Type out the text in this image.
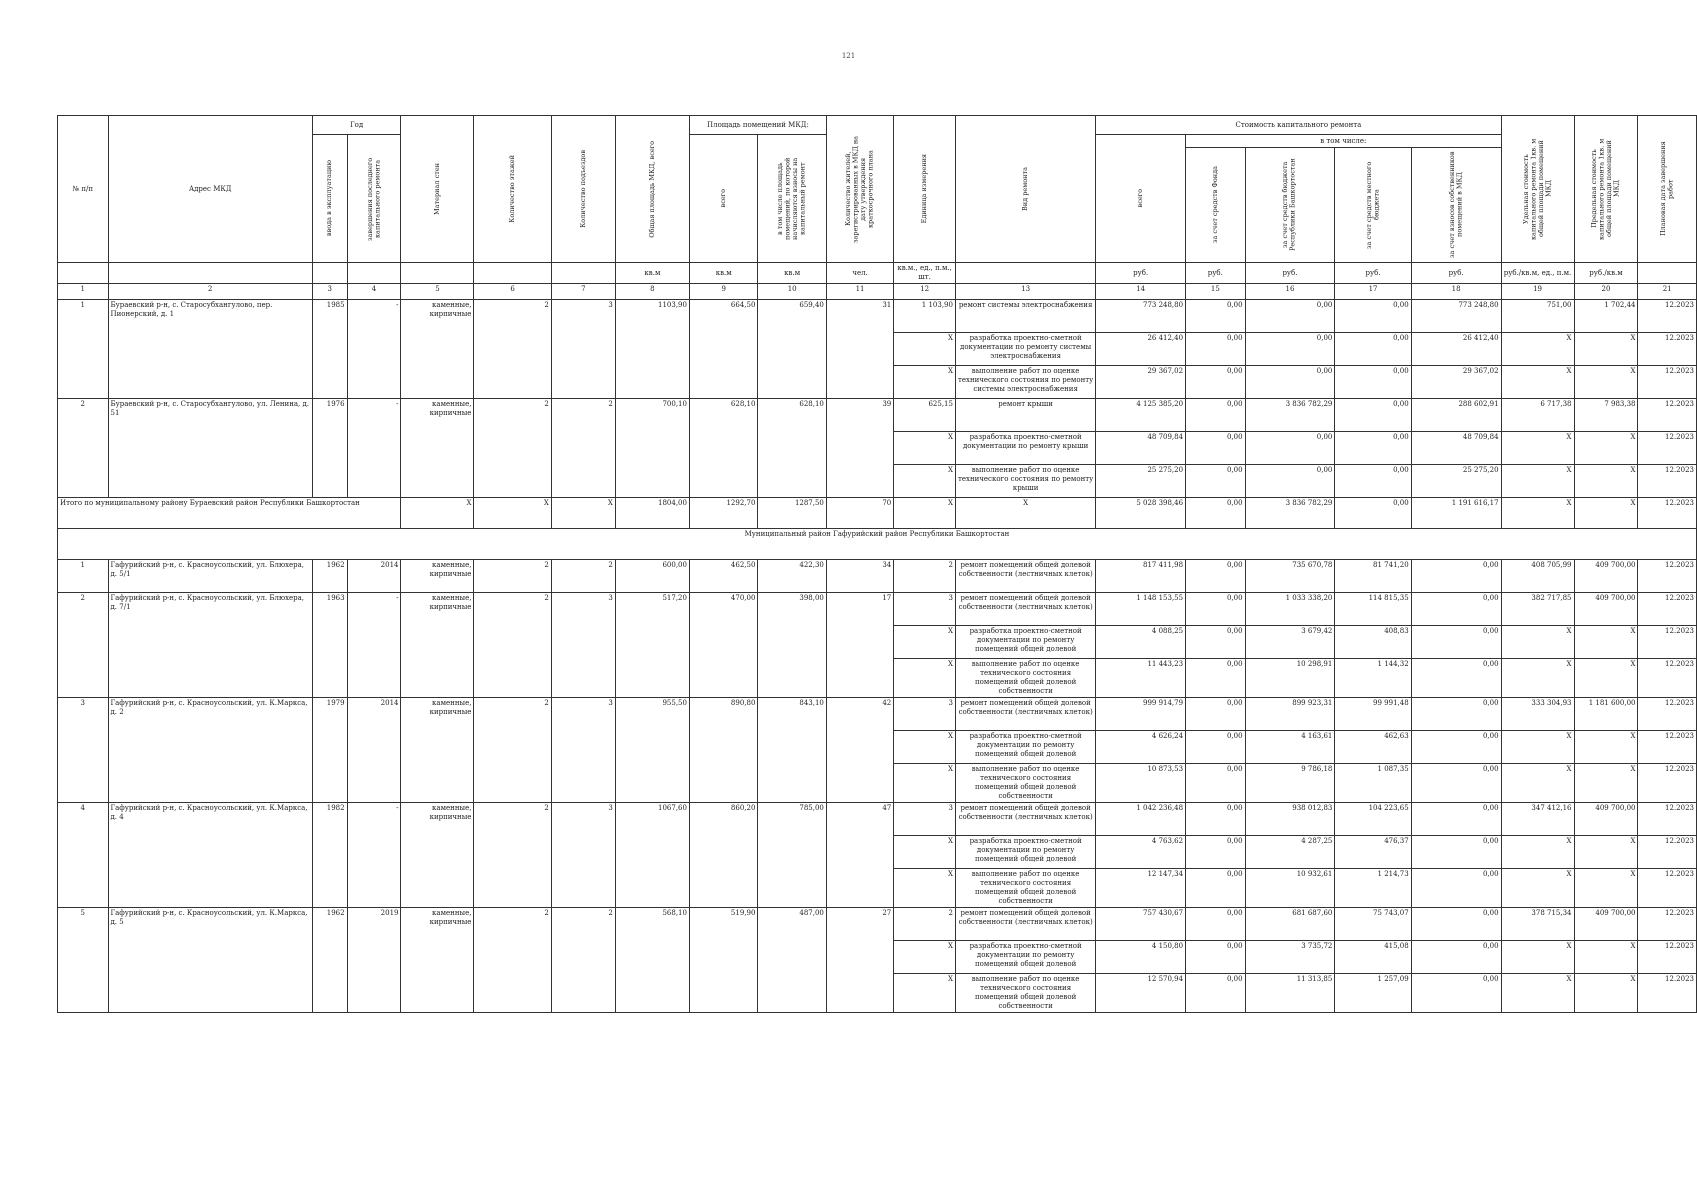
121
№ п/п	Адрес МКД	Год		Материал стен	Количество этажей	Количество подъездов	Общая площадь МКД, всего	Площадь помещений МКД:		Количество жителей, зарегистрированных в МКД на дату утверждения краткосрочного плана	Единица измерения	Вид ремонта	Стоимость капитального ремонта					Удельная стоимость капитального ремонта 1кв. м общей площади помещений МКД	Предельная стоимость капитального ремонта 1кв. м общей площади помещений МКД	Плановая дата завершения работ

		ввода в эксплуатацию	завершения последнего капитального ремонта					всего	в том числе площадь помещений, по которой начисляются взносы на капитальный ремонт				всего	в том числе:						

														за счет средств Фонда	за счет средств бюджета Республики Башкортостан	за счет средств местного бюджета	за счет взносов собственников помещений в МКД			

							кв.м	кв.м	кв.м	чел.	кв.м., ед., п.м., шт.		руб.	руб.	руб.	руб.	руб.	руб./кв.м, ед., п.м.	руб./кв.м	
1	2	3	4	5	6	7	8	9	10	11	12	13	14	15	16	17	18	19	20	21
1	Бураевский р-н, с. Старосубхангулово, пер. Пионерский, д. 1	1985	-	каменные, кирпичные	2	3	1103,90	664,50	659,40	31	1 103,90	ремонт системы электроснабжения	773 248,80	0,00	0,00	0,00	773 248,80	751,00	1 702,44	12.2023
											X	разработка проектно-сметной документации по ремонту системы электроснабжения	26 412,40	0,00	0,00	0,00	26 412,40	X	X	12.2023
											X	выполнение работ по оценке технического состояния по ремонту системы электроснабжения	29 367,02	0,00	0,00	0,00	29 367,02	X	X	12.2023
2	Бураевский р-н, с. Старосубхангулово, ул. Ленина, д. 51	1976	-	каменные, кирпичные	2	2	700,10	628,10	628,10	39	625,15	ремонт крыши	4 125 385,20	0,00	3 836 782,29	0,00	288 602,91	6 717,38	7 983,38	12.2023
											X	разработка проектно-сметной документации по ремонту крыши	48 709,84	0,00	0,00	0,00	48 709,84	X	X	12.2023
											X	выполнение работ по оценке технического состояния по ремонту крыши	25 275,20	0,00	0,00	0,00	25 275,20	X	X	12.2023
Итого по муниципальному району Бураевский район Республики Башкортостан				X	X	X	1804,00	1292,70	1287,50	70	X	X	5 028 398,46	0,00	3 836 782,29	0,00	1 191 616,17	X	X	12.2023
Муниципальный район Гафурийский район Республики Башкортостан																				
1	Гафурийский р-н, с. Красноусольский, ул. Блюхера, д. 5/1	1962	2014	каменные, кирпичные	2	2	600,00	462,50	422,30	34	2	ремонт помещений общей долевой собственности (лестничных клеток)	817 411,98	0,00	735 670,78	81 741,20	0,00	408 705,99	409 700,00	12.2023
2	Гафурийский р-н, с. Красноусольский, ул. Блюхера, д. 7/1	1963	-	каменные, кирпичные	2	3	517,20	470,00	398,00	17	3	ремонт помещений общей долевой собственности (лестничных клеток)	1 148 153,55	0,00	1 033 338,20	114 815,35	0,00	382 717,85	409 700,00	12.2023
											X	разработка проектно-сметной документации по ремонту помещений общей долевой	4 088,25	0,00	3 679,42	408,83	0,00	X	X	12.2023
											X	выполнение работ по оценке технического состояния помещений общей долевой собственности	11 443,23	0,00	10 298,91	1 144,32	0,00	X	X	12.2023
3	Гафурийский р-н, с. Красноусольский, ул. К.Маркса, д. 2	1979	2014	каменные, кирпичные	2	3	955,50	890,80	843,10	42	3	ремонт помещений общей долевой собственности (лестничных клеток)	999 914,79	0,00	899 923,31	99 991,48	0,00	333 304,93	1 181 600,00	12.2023
											X	разработка проектно-сметной документации по ремонту помещений общей долевой	4 626,24	0,00	4 163,61	462,63	0,00	X	X	12.2023
											X	выполнение работ по оценке технического состояния помещений общей долевой собственности	10 873,53	0,00	9 786,18	1 087,35	0,00	X	X	12.2023
4	Гафурийский р-н, с. Красноусольский, ул. К.Маркса, д. 4	1982	-	каменные, кирпичные	2	3	1067,60	860,20	785,00	47	3	ремонт помещений общей долевой собственности (лестничных клеток)	1 042 236,48	0,00	938 012,83	104 223,65	0,00	347 412,16	409 700,00	12.2023
											X	разработка проектно-сметной документации по ремонту помещений общей долевой	4 763,62	0,00	4 287,25	476,37	0,00	X	X	12.2023
											X	выполнение работ по оценке технического состояния помещений общей долевой собственности	12 147,34	0,00	10 932,61	1 214,73	0,00	X	X	12.2023
5	Гафурийский р-н, с. Красноусольский, ул. К.Маркса, д. 5	1962	2019	каменные, кирпичные	2	2	568,10	519,90	487,00	27	2	ремонт помещений общей долевой собственности (лестничных клеток)	757 430,67	0,00	681 687,60	75 743,07	0,00	378 715,34	409 700,00	12.2023
											X	разработка проектно-сметной документации по ремонту помещений общей долевой	4 150,80	0,00	3 735,72	415,08	0,00	X	X	12.2023
											X	выполнение работ по оценке технического состояния помещений общей долевой собственности	12 570,94	0,00	11 313,85	1 257,09	0,00	X	X	12.2023
